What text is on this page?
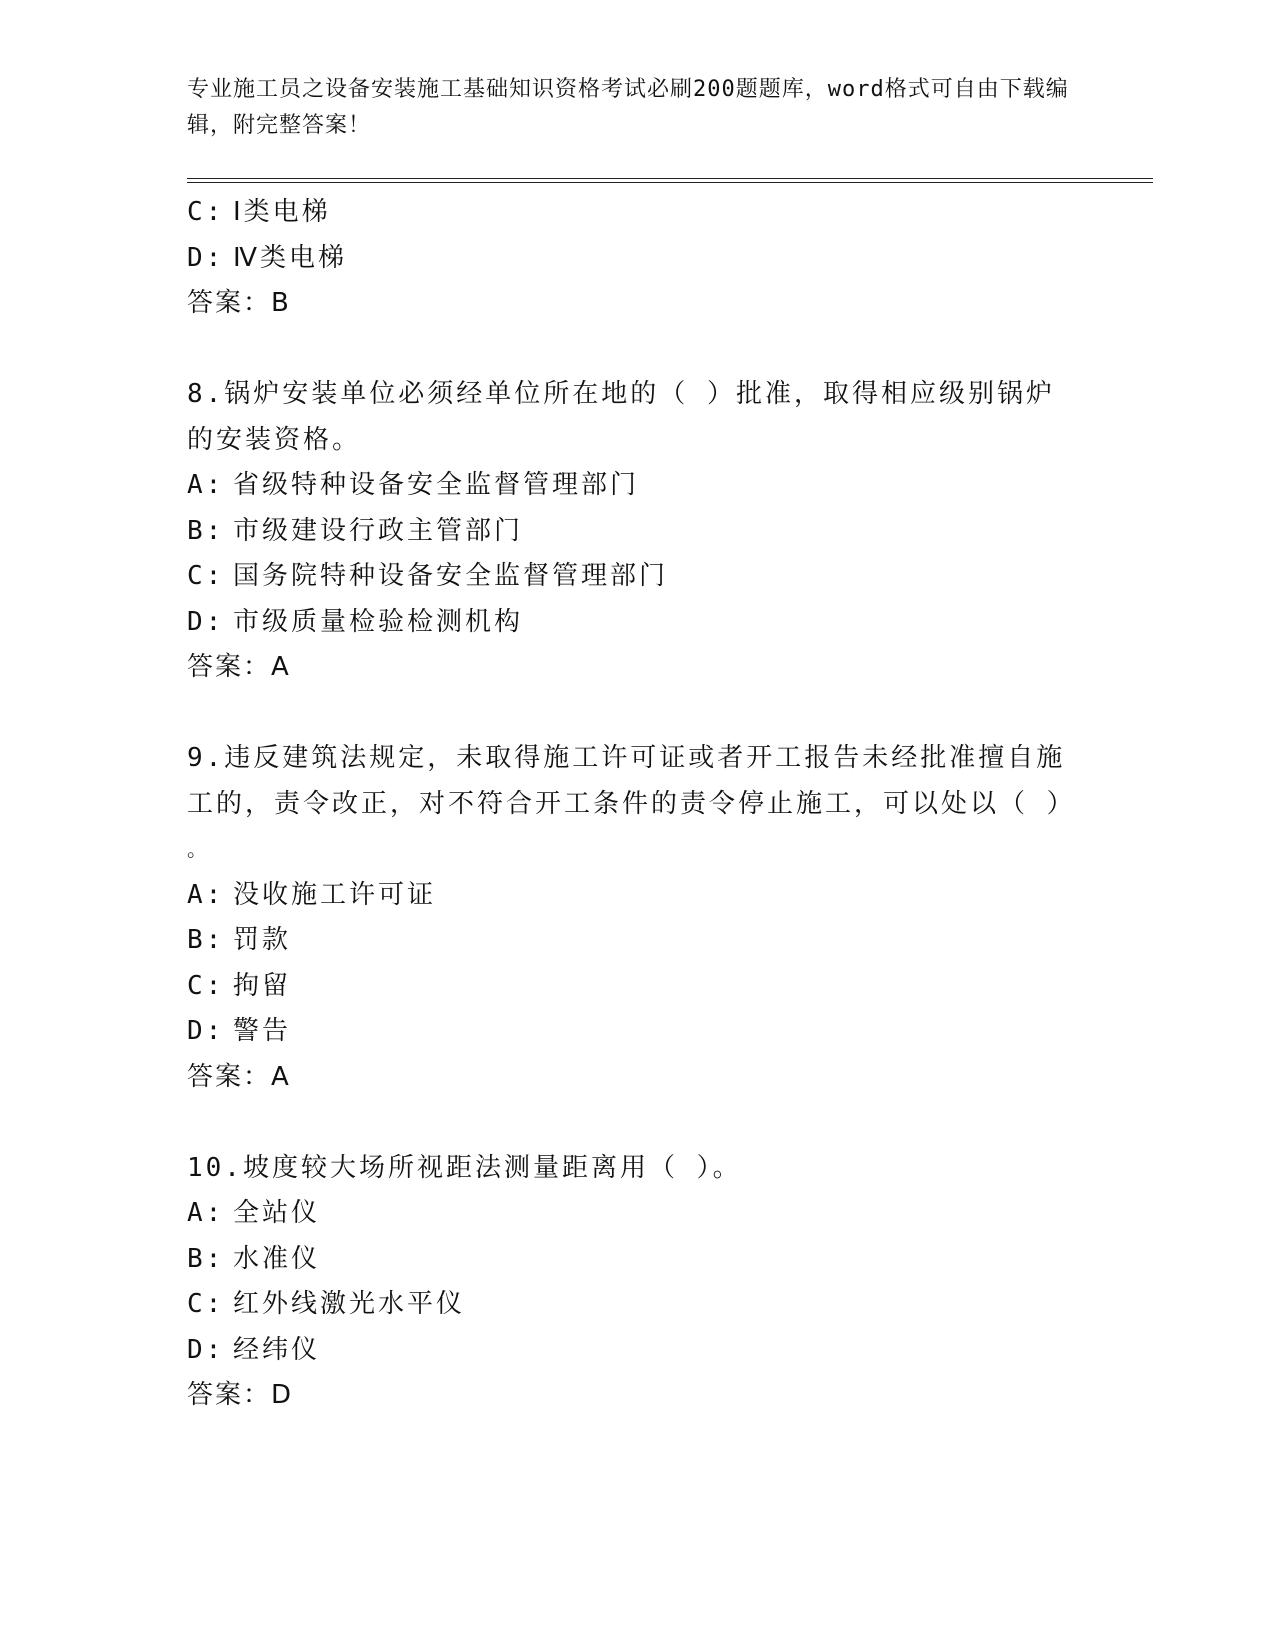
专业施工员之设备安装施工基础知识资格考试必刷200题题库，word格式可自由下载编辑，附完整答案！
C: Ⅰ类电梯
D: Ⅳ类电梯
答案：B
8.锅炉安装单位必须经单位所在地的（ ）批准，取得相应级别锅炉的安装资格。
A: 省级特种设备安全监督管理部门
B: 市级建设行政主管部门
C: 国务院特种设备安全监督管理部门
D: 市级质量检验检测机构
答案：A
9.违反建筑法规定，未取得施工许可证或者开工报告未经批准擅自施工的，责令改正，对不符合开工条件的责令停止施工，可以处以（ ）
。
A: 没收施工许可证
B: 罚款
C: 拘留
D: 警告
答案：A
10.坡度较大场所视距法测量距离用（ ）。
A: 全站仪
B: 水准仪
C: 红外线激光水平仪
D: 经纬仪
答案：D
